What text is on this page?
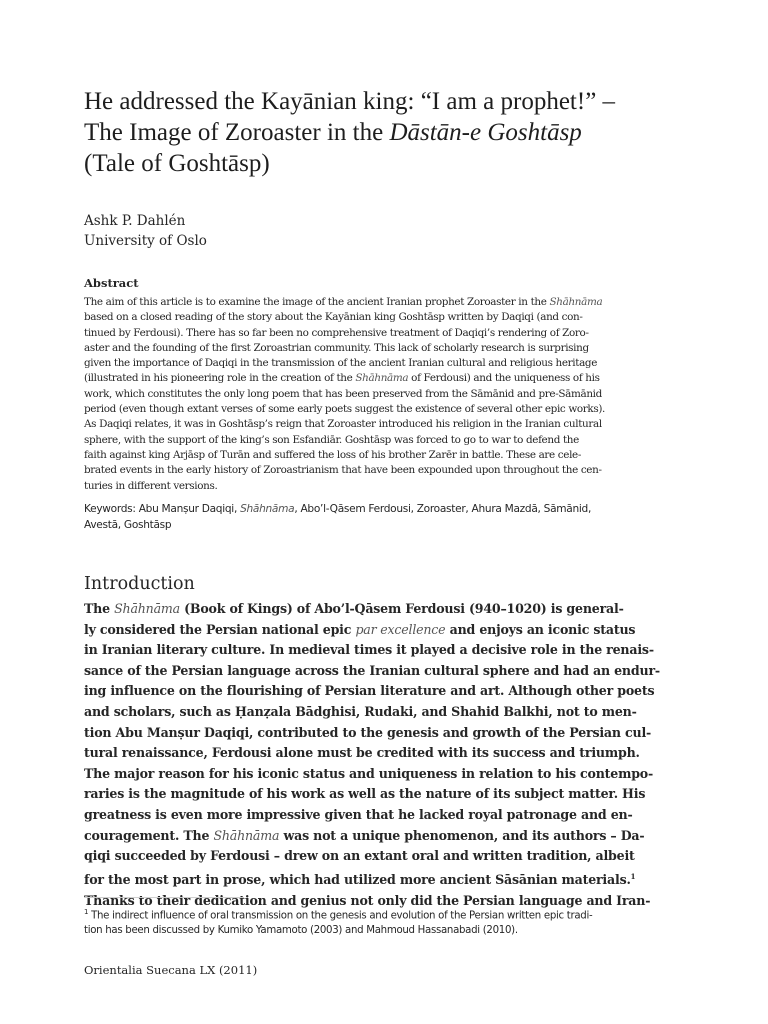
He addressed the Kayānian king: “I am a prophet!” –
The Image of Zoroaster in the Dāstān-e Goshtāsp
(Tale of Goshtāsp)
Ashk P. Dahlén
University of Oslo
Abstract
The aim of this article is to examine the image of the ancient Iranian prophet Zoroaster in the Shāhnāma
based on a closed reading of the story about the Kayānian king Goshtāsp written by Daqiqi (and con-
tinued by Ferdousi). There has so far been no comprehensive treatment of Daqiqi’s rendering of Zoro-
aster and the founding of the first Zoroastrian community. This lack of scholarly research is surprising
given the importance of Daqiqi in the transmission of the ancient Iranian cultural and religious heritage
(illustrated in his pioneering role in the creation of the Shāhnāma of Ferdousi) and the uniqueness of his
work, which constitutes the only long poem that has been preserved from the Sāmānid and pre-Sāmānid
period (even though extant verses of some early poets suggest the existence of several other epic works).
As Daqiqi relates, it was in Goshtāsp’s reign that Zoroaster introduced his religion in the Iranian cultural
sphere, with the support of the king’s son Esfandiār. Goshtāsp was forced to go to war to defend the
faith against king Arjāsp of Turān and suffered the loss of his brother Zarēr in battle. These are cele-
brated events in the early history of Zoroastrianism that have been expounded upon throughout the cen-
turies in different versions.
Keywords: Abu Manṣur Daqiqi, Shāhnāma, Abo’l-Qāsem Ferdousi, Zoroaster, Ahura Mazdā, Sāmānid,
Avestā, Goshtāsp
Introduction
The Shāhnāma (Book of Kings) of Abo’l-Qāsem Ferdousi (940–1020) is general-
ly considered the Persian national epic par excellence and enjoys an iconic status
in Iranian literary culture. In medieval times it played a decisive role in the renais-
sance of the Persian language across the Iranian cultural sphere and had an endur-
ing influence on the flourishing of Persian literature and art. Although other poets
and scholars, such as Ḥanẓala Bādghisi, Rudaki, and Shahid Balkhi, not to men-
tion Abu Manṣur Daqiqi, contributed to the genesis and growth of the Persian cul-
tural renaissance, Ferdousi alone must be credited with its success and triumph.
The major reason for his iconic status and uniqueness in relation to his contempo-
raries is the magnitude of his work as well as the nature of its subject matter. His
greatness is even more impressive given that he lacked royal patronage and en-
couragement. The Shāhnāma was not a unique phenomenon, and its authors – Da-
qiqi succeeded by Ferdousi – drew on an extant oral and written tradition, albeit
for the most part in prose, which had utilized more ancient Sāsānian materials.$^1$
Thanks to their dedication and genius not only did the Persian language and Iran-
$^1$ The indirect influence of oral transmission on the genesis and evolution of the Persian written epic tradi-
tion has been discussed by Kumiko Yamamoto (2003) and Mahmoud Hassanabadi (2010).
Orientalia Suecana LX (2011)
